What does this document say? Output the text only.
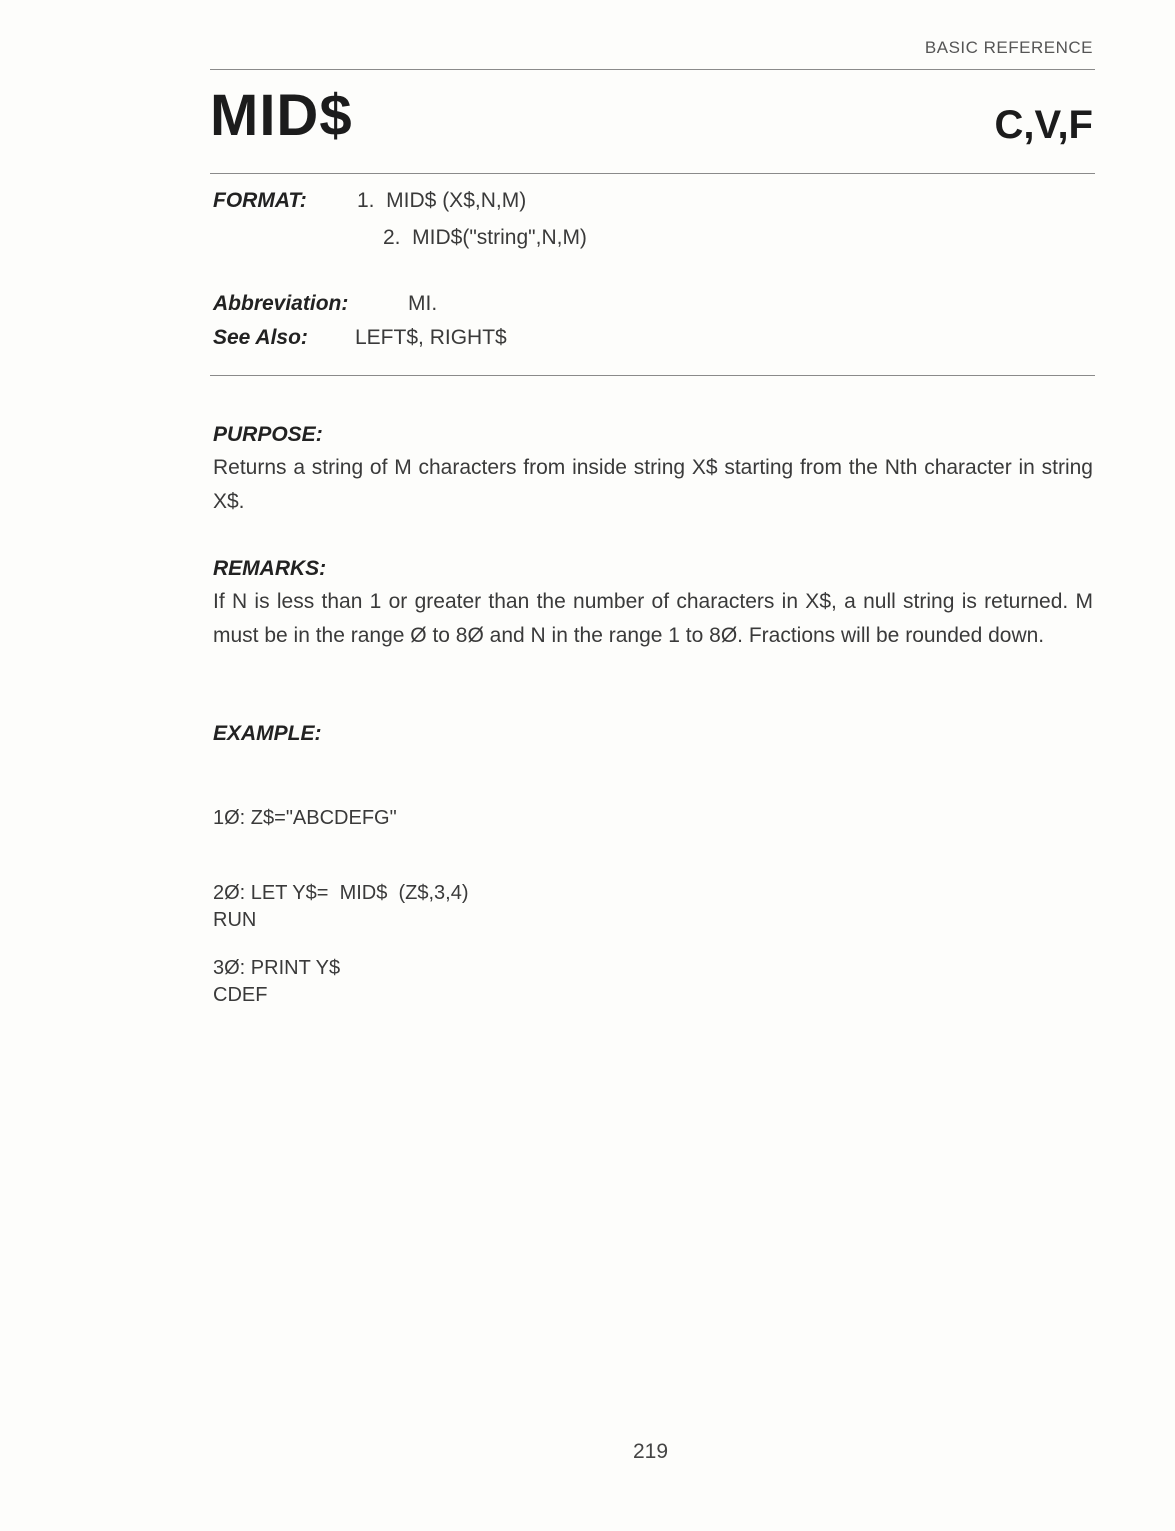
BASIC REFERENCE
MID$	C,V,F
FORMAT: 1.  MID$ (X$,N,M)
2.  MID$("string",N,M)
Abbreviation:	MI.
See Also: LEFT$, RIGHT$
PURPOSE:
Returns a string of M characters from inside string X$ starting from the Nth character in string X$.
REMARKS:
If N is less than 1 or greater than the number of characters in X$, a null string is returned. M must be in the range Ø to 8Ø and N in the range 1 to 8Ø. Fractions will be rounded down.
EXAMPLE:

1Ø: Z$="ABCDEFG"

2Ø: LET Y$=  MID$  (Z$,3,4)

3Ø: PRINT Y$

RUN

CDEF

219
